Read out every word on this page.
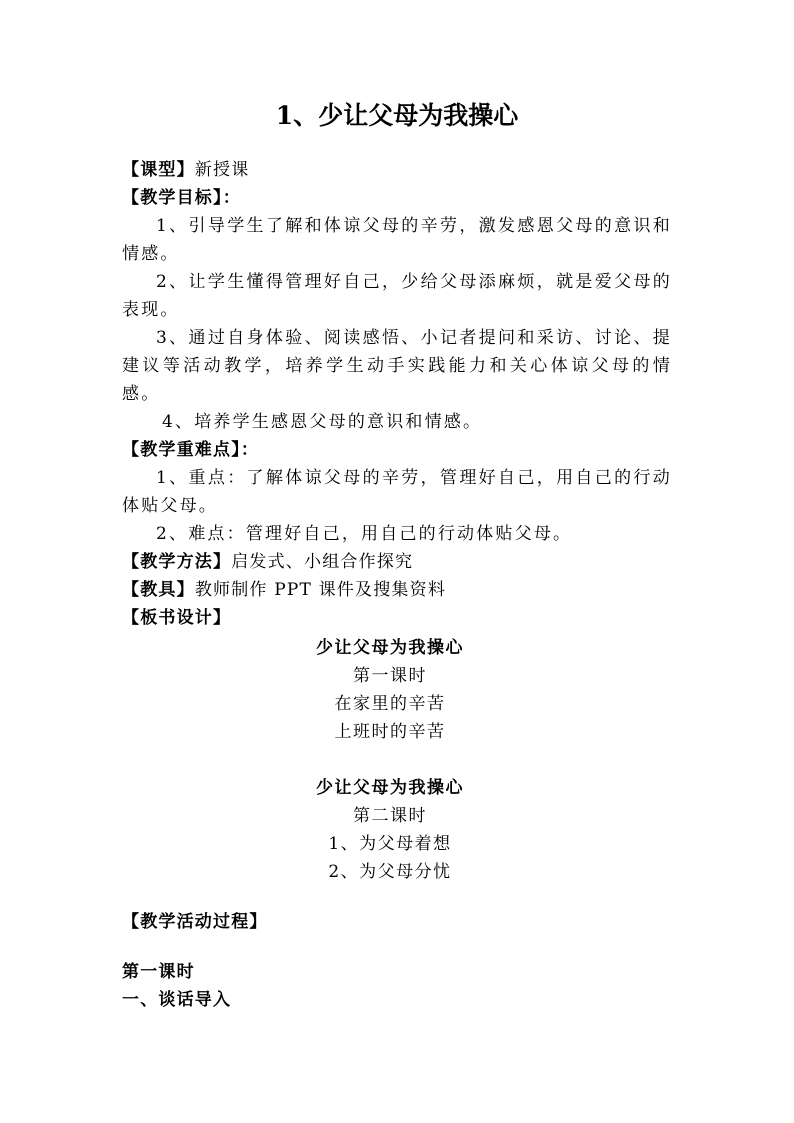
1、少让父母为我操心
【课型】新授课
【教学目标】：
1、引导学生了解和体谅父母的辛劳，激发感恩父母的意识和情感。
2、让学生懂得管理好自己，少给父母添麻烦，就是爱父母的表现。
3、通过自身体验、阅读感悟、小记者提问和采访、讨论、提建议等活动教学，培养学生动手实践能力和关心体谅父母的情感。
4、培养学生感恩父母的意识和情感。
【教学重难点】：
1、重点：了解体谅父母的辛劳，管理好自己，用自己的行动体贴父母。
2、难点：管理好自己，用自己的行动体贴父母。
【教学方法】启发式、小组合作探究
【教具】教师制作 PPT 课件及搜集资料
【板书设计】
少让父母为我操心
第一课时
在家里的辛苦
上班时的辛苦
少让父母为我操心
第二课时
1、为父母着想
2、为父母分忧
【教学活动过程】
第一课时
一、谈话导入
